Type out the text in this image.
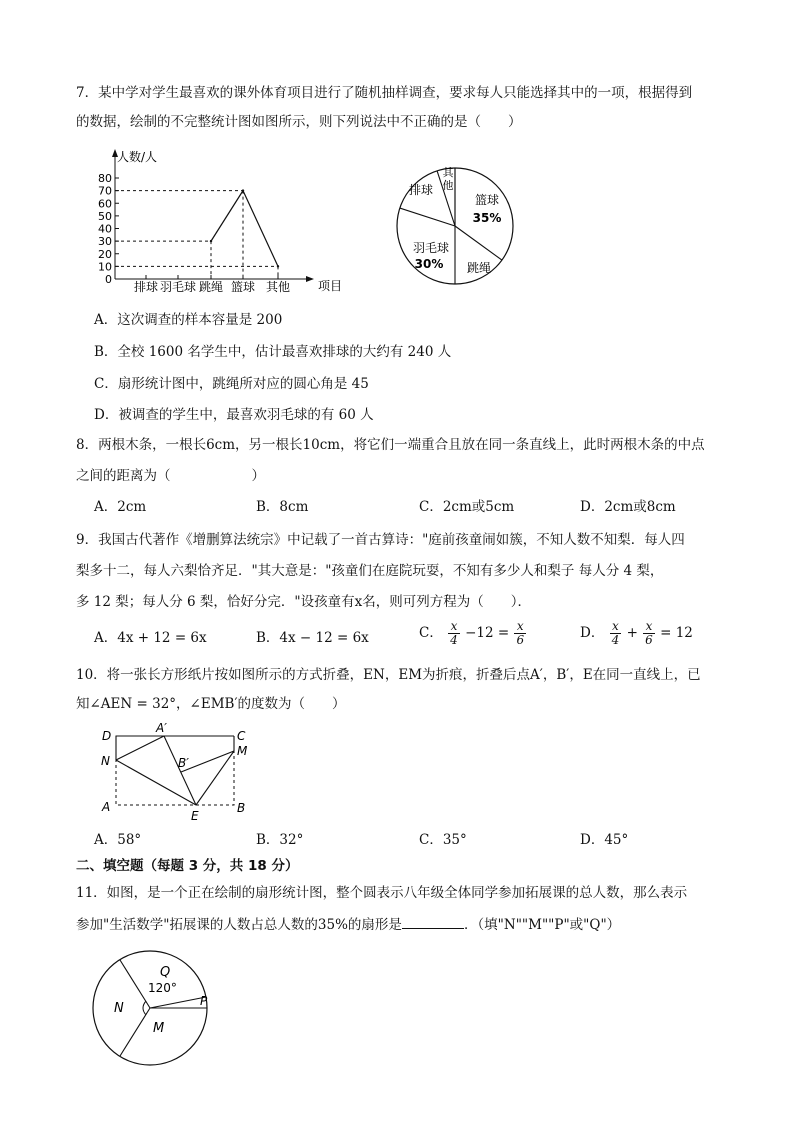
7．某中学对学生最喜欢的课外体育项目进行了随机抽样调查，要求每人只能选择其中的一项，根据得到
的数据，绘制的不完整统计图如图所示，则下列说法中不正确的是（　　）
人数/人
项目
0
10
20
30
40
50
60
70
80
排球 羽毛球 跳绳 篮球 其他
篮球
35%
跳绳
羽毛球
30%
排球
其他
A．这次调查的样本容量是 200
B．全校 1600 名学生中，估计最喜欢排球的大约有 240 人
C．扇形统计图中，跳绳所对应的圆心角是 45
D．被调查的学生中，最喜欢羽毛球的有 60 人
8．两根木条，一根长6cm，另一根长10cm，将它们一端重合且放在同一条直线上，此时两根木条的中点
之间的距离为（　　　　　　）
A．2cm	B．8cm	C．2cm或5cm	D．2cm或8cm
9．我国古代著作《增删算法统宗》中记载了一首古算诗："庭前孩童闹如簇，不知人数不知梨．每人四
梨多十二，每人六梨恰齐足．"其大意是："孩童们在庭院玩耍，不知有多少人和梨子 每人分 4 梨，
多 12 梨；每人分 6 梨，恰好分完．"设孩童有x名，则可列方程为（　　）．
A．4x + 12 = 6x	B．4x − 12 = 6x	C． $\frac{x}{4} -12 = \frac{x}{6}$	D． $\frac{x}{4} + \frac{x}{6} = 12$
10．将一张长方形纸片按如图所示的方式折叠，EN，EM为折痕，折叠后点A′，B′，E在同一直线上，已
知∠AEN = 32°，∠EMB′的度数为（　　）
D
A′
C
M
N	B′
A
E
B
A．58°	B．32°	C．35°	D．45°
二、填空题（每题 3 分，共 18 分）
11．如图，是一个正在绘制的扇形统计图，整个圆表示八年级全体同学参加拓展课的总人数，那么表示
参加"生活数学"拓展课的人数占总人数的35%的扇形是	．（填"N""M""P"或"Q"）
Q
120°
N
M
P
